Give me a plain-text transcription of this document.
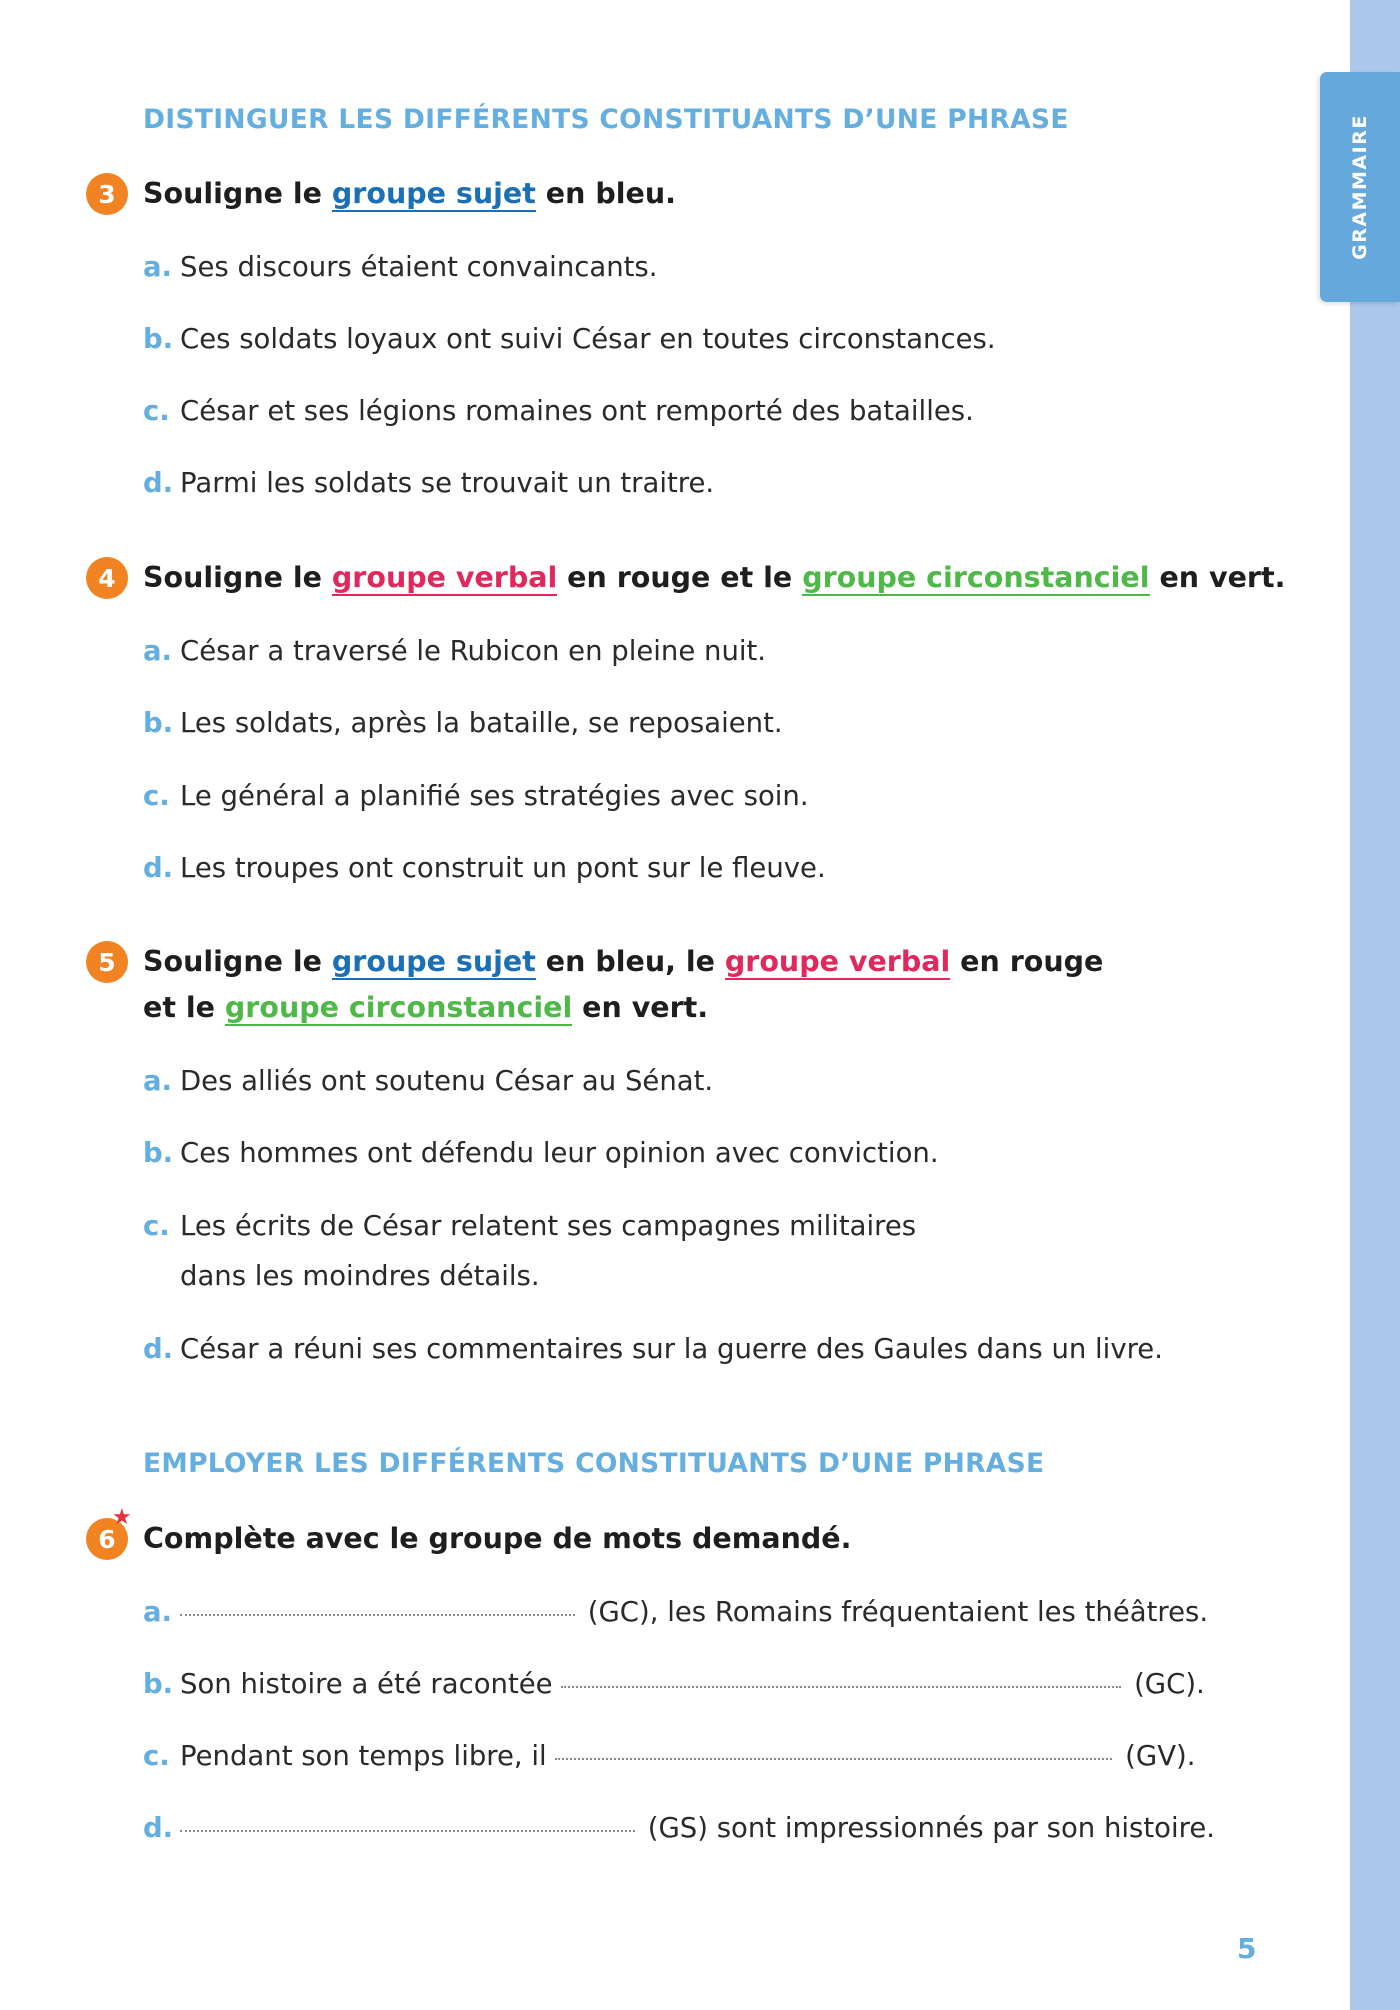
GRAMMAIRE
DISTINGUER LES DIFFÉRENTS CONSTITUANTS D’UNE PHRASE
3 Souligne le groupe sujet en bleu.
a. Ses discours étaient convaincants.
b. Ces soldats loyaux ont suivi César en toutes circonstances.
c. César et ses légions romaines ont remporté des batailles.
d. Parmi les soldats se trouvait un traitre.
4 Souligne le groupe verbal en rouge et le groupe circonstanciel en vert.
a. César a traversé le Rubicon en pleine nuit.
b. Les soldats, après la bataille, se reposaient.
c. Le général a planifié ses stratégies avec soin.
d. Les troupes ont construit un pont sur le fleuve.
5 Souligne le groupe sujet en bleu, le groupe verbal en rouge
et le groupe circonstanciel en vert.
a. Des alliés ont soutenu César au Sénat.
b. Ces hommes ont défendu leur opinion avec conviction.
c. Les écrits de César relatent ses campagnes militaires
dans les moindres détails.
d. César a réuni ses commentaires sur la guerre des Gaules dans un livre.
EMPLOYER LES DIFFÉRENTS CONSTITUANTS D’UNE PHRASE
6
★
Complète avec le groupe de mots demandé.
a.	(GC), les Romains fréquentaient les théâtres.
b. Son histoire a été racontée	(GC).
c. Pendant son temps libre, il	(GV).
d.	(GS) sont impressionnés par son histoire.
5
